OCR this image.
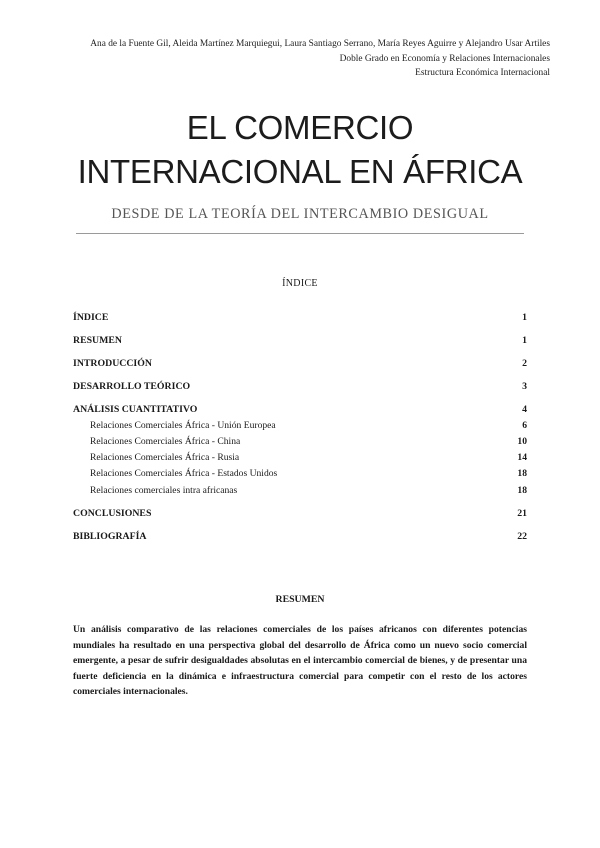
Ana de la Fuente Gil, Aleida Martínez Marquiegui, Laura Santiago Serrano, María Reyes Aguirre y Alejandro Usar Artiles
Doble Grado en Economía y Relaciones Internacionales
Estructura Económica Internacional
EL COMERCIO
INTERNACIONAL EN ÁFRICA
DESDE DE LA TEORÍA DEL INTERCAMBIO DESIGUAL
ÍNDICE
ÍNDICE	1
RESUMEN	1
INTRODUCCIÓN	2
DESARROLLO TEÓRICO	3
ANÁLISIS CUANTITATIVO	4
Relaciones Comerciales África - Unión Europea	6
Relaciones Comerciales África - China	10
Relaciones Comerciales África - Rusia	14
Relaciones Comerciales África - Estados Unidos	18
Relaciones comerciales intra africanas	18
CONCLUSIONES	21
BIBLIOGRAFÍA	22
RESUMEN
Un análisis comparativo de las relaciones comerciales de los países africanos con diferentes potencias mundiales ha resultado en una perspectiva global del desarrollo de África como un nuevo socio comercial emergente, a pesar de sufrir desigualdades absolutas en el intercambio comercial de bienes, y de presentar una fuerte deficiencia en la dinámica e infraestructura comercial para competir con el resto de los actores comerciales internacionales.
